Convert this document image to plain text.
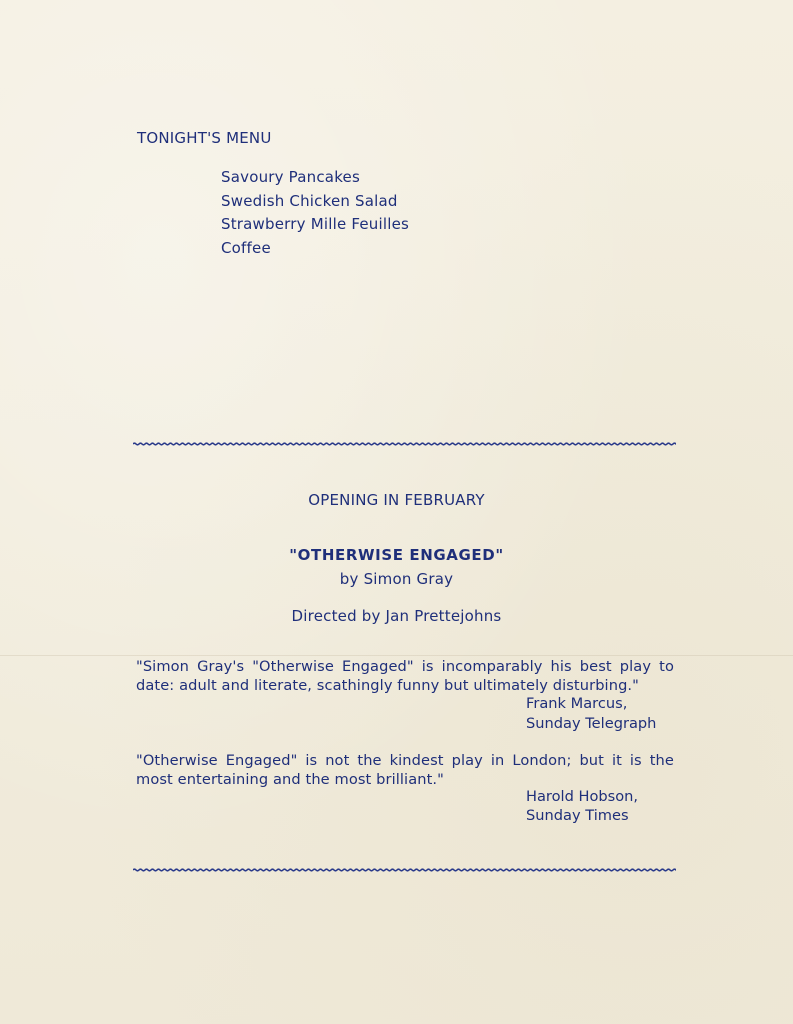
TONIGHT'S MENU

Savoury Pancakes
Swedish Chicken Salad
Strawberry Mille Feuilles
Coffee

OPENING IN FEBRUARY

"OTHERWISE ENGAGED"

by Simon Gray

Directed by Jan Prettejohns

"Simon Gray's "Otherwise Engaged" is incomparably his best play to date: adult and literate, scathingly funny but ultimately disturbing."

Frank Marcus,
Sunday Telegraph

"Otherwise Engaged" is not the kindest play in London; but it is the most entertaining and the most brilliant."

Harold Hobson,
Sunday Times
